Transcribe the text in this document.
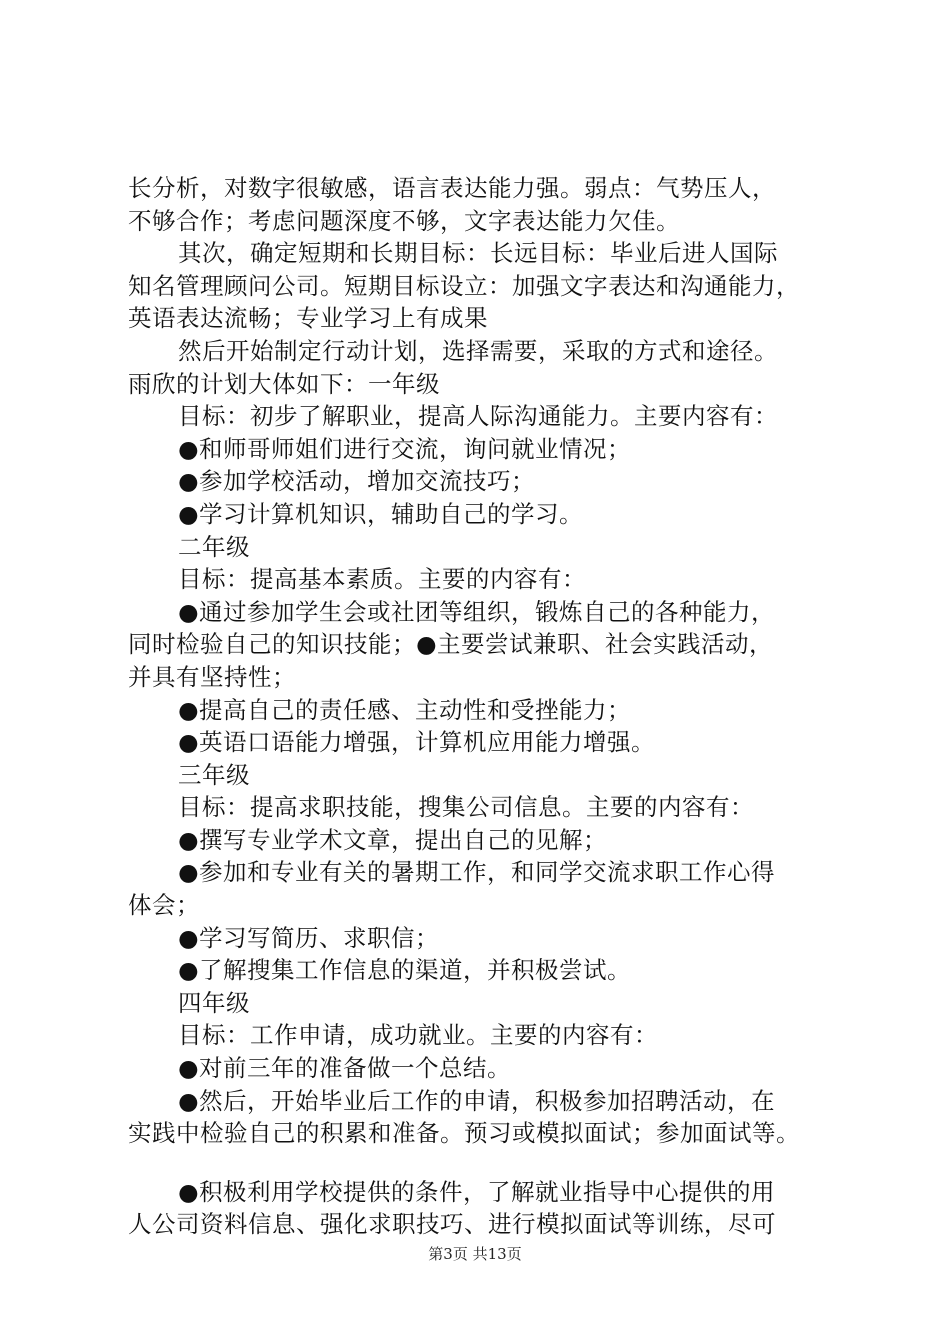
长分析，对数字很敏感，语言表达能力强。弱点：气势压人，
不够合作；考虑问题深度不够，文字表达能力欠佳。
其次，确定短期和长期目标：长远目标：毕业后进人国际
知名管理顾问公司。短期目标设立：加强文字表达和沟通能力，
英语表达流畅；专业学习上有成果
然后开始制定行动计划，选择需要，采取的方式和途径。
雨欣的计划大体如下：一年级
目标：初步了解职业，提高人际沟通能力。主要内容有：
●和师哥师姐们进行交流，询问就业情况；
●参加学校活动，增加交流技巧；
●学习计算机知识，辅助自己的学习。
二年级
目标：提高基本素质。主要的内容有：
●通过参加学生会或社团等组织，锻炼自己的各种能力，
同时检验自己的知识技能；●主要尝试兼职、社会实践活动，
并具有坚持性；
●提高自己的责任感、主动性和受挫能力；
●英语口语能力增强，计算机应用能力增强。
三年级
目标：提高求职技能，搜集公司信息。主要的内容有：
●撰写专业学术文章，提出自己的见解；
●参加和专业有关的暑期工作，和同学交流求职工作心得
体会；
●学习写简历、求职信；
●了解搜集工作信息的渠道，并积极尝试。
四年级
目标：工作申请，成功就业。主要的内容有：
●对前三年的准备做一个总结。
●然后，开始毕业后工作的申请，积极参加招聘活动，在
实践中检验自己的积累和准备。预习或模拟面试；参加面试等。
●积极利用学校提供的条件，了解就业指导中心提供的用
人公司资料信息、强化求职技巧、进行模拟面试等训练，尽可
第3页 共13页
